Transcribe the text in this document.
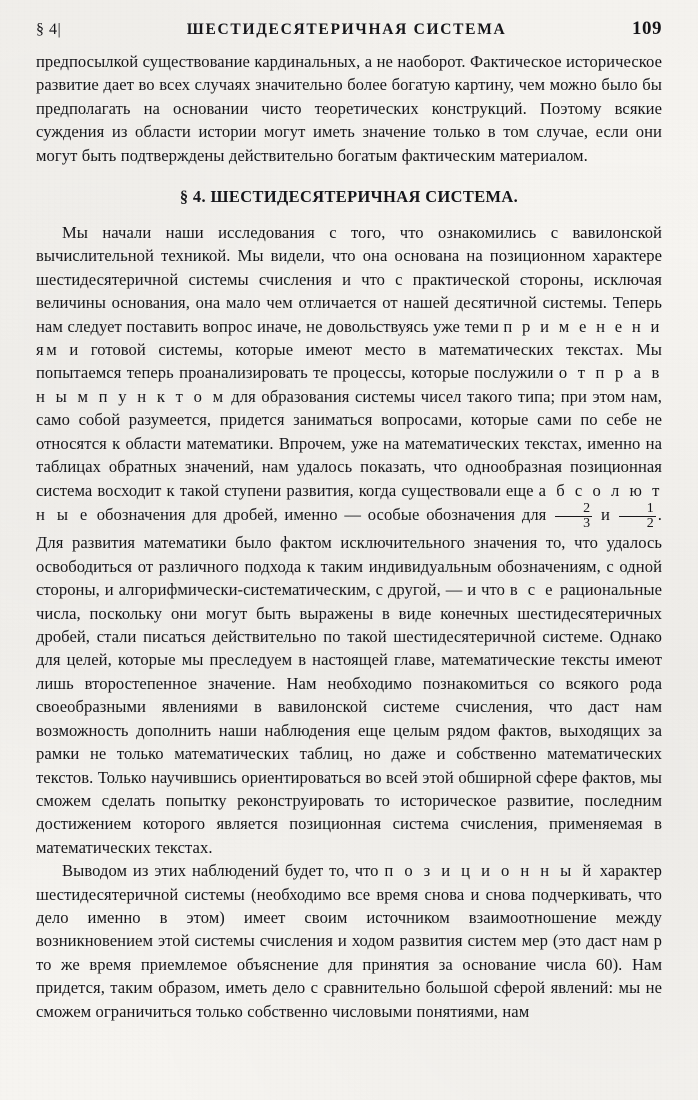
§ 4|	ШЕСТИДЕСЯТЕРИЧНАЯ СИСТЕМА	109

предпосылкой существование кардинальных, а не наоборот. Фактическое историческое развитие дает во всех случаях значительно более богатую картину, чем можно было бы предполагать на основании чисто теоретических конструкций. Поэтому всякие суждения из области истории могут иметь значение только в том случае, если они могут быть подтверждены действительно богатым фактическим материалом.

§ 4. ШЕСТИДЕСЯТЕРИЧНАЯ СИСТЕМА.

Мы начали наши исследования с того, что ознакомились с вавилонской вычислительной техникой. Мы видели, что она основана на позиционном характере шестидесятеричной системы счисления и что с практической стороны, исключая величины основания, она мало чем отличается от нашей десятичной системы. Теперь нам следует поставить вопрос иначе, не довольствуясь уже теми п р и м е н е н и ям и готовой системы, которые имеют место в математических текстах. Мы попытаемся теперь проанализировать те процессы, которые послужили о т п р а в н ы м п у н к т о м для образования системы чисел такого типа; при этом нам, само собой разумеется, придется заниматься вопросами, которые сами по себе не относятся к области математики. Впрочем, уже на математических текстах, именно на таблицах обратных значений, нам удалось показать, что однообразная позиционная система восходит к такой ступени развития, когда существовали еще а б с о л ю т н ы е обозначения для дробей, именно — особые обозначения для $\frac{2}{3}$ и $\frac{1}{2}$ . Для развития математики было фактом исключительного значения то, что удалось освободиться от различного подхода к таким индивидуальным обозначениям, с одной стороны, и алгорифмически-систематическим, с другой, — и что в с е рациональные числа, поскольку они могут быть выражены в виде конечных шестидесятеричных дробей, стали писаться действительно по такой шестидесятеричной системе. Однако для целей, которые мы преследуем в настоящей главе, математические тексты имеют лишь второстепенное значение. Нам необходимо познакомиться со всякого рода своеобразными явлениями в вавилонской системе счисления, что даст нам возможность дополнить наши наблюдения еще целым рядом фактов, выходящих за рамки не только математических таблиц, но даже и собственно математических текстов. Только научившись ориентироваться во всей этой обширной сфере фактов, мы сможем сделать попытку реконструировать то историческое развитие, последним достижением которого является позиционная система счисления, применяемая в математических текстах.

Выводом из этих наблюдений будет то, что п о з и ц и о н н ы й характер шестидесятеричной системы (необходимо все время снова и снова подчеркивать, что дело именно в этом) имеет своим источником взаимоотношение между возникновением этой системы счисления и ходом развития систем мер (это даст нам р то же время приемлемое объяснение для принятия за основание числа 60). Нам придется, таким образом, иметь дело с сравнительно большой сферой явлений: мы не сможем ограничиться только собственно числовыми понятиями, нам
